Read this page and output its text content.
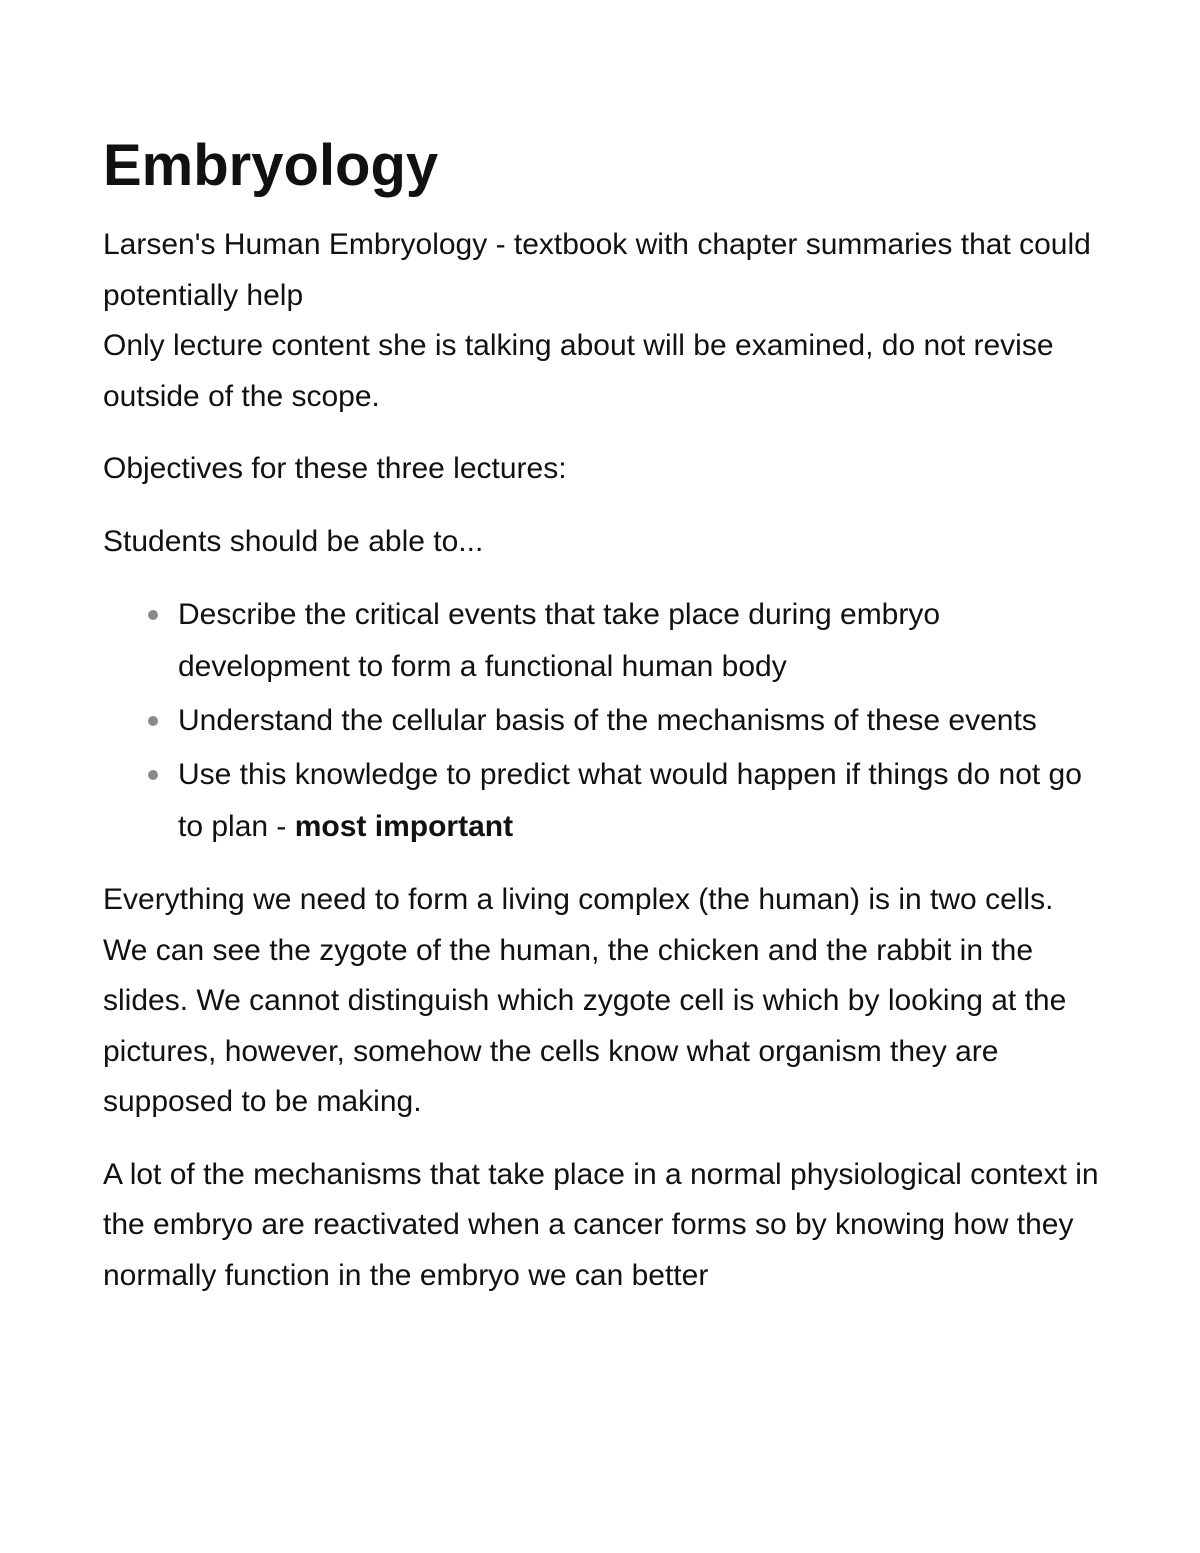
Embryology

Larsen's Human Embryology - textbook with chapter summaries that could potentially help

Only lecture content she is talking about will be examined, do not revise outside of the scope.

Objectives for these three lectures:

Students should be able to...

Describe the critical events that take place during embryo development to form a functional human body
Understand the cellular basis of the mechanisms of these events
Use this knowledge to predict what would happen if things do not go to plan - most important

Everything we need to form a living complex (the human) is in two cells.

We can see the zygote of the human, the chicken and the rabbit in the slides. We cannot distinguish which zygote cell is which by looking at the pictures, however, somehow the cells know what organism they are supposed to be making.

A lot of the mechanisms that take place in a normal physiological context in the embryo are reactivated when a cancer forms so by knowing how they normally function in the embryo we can better
